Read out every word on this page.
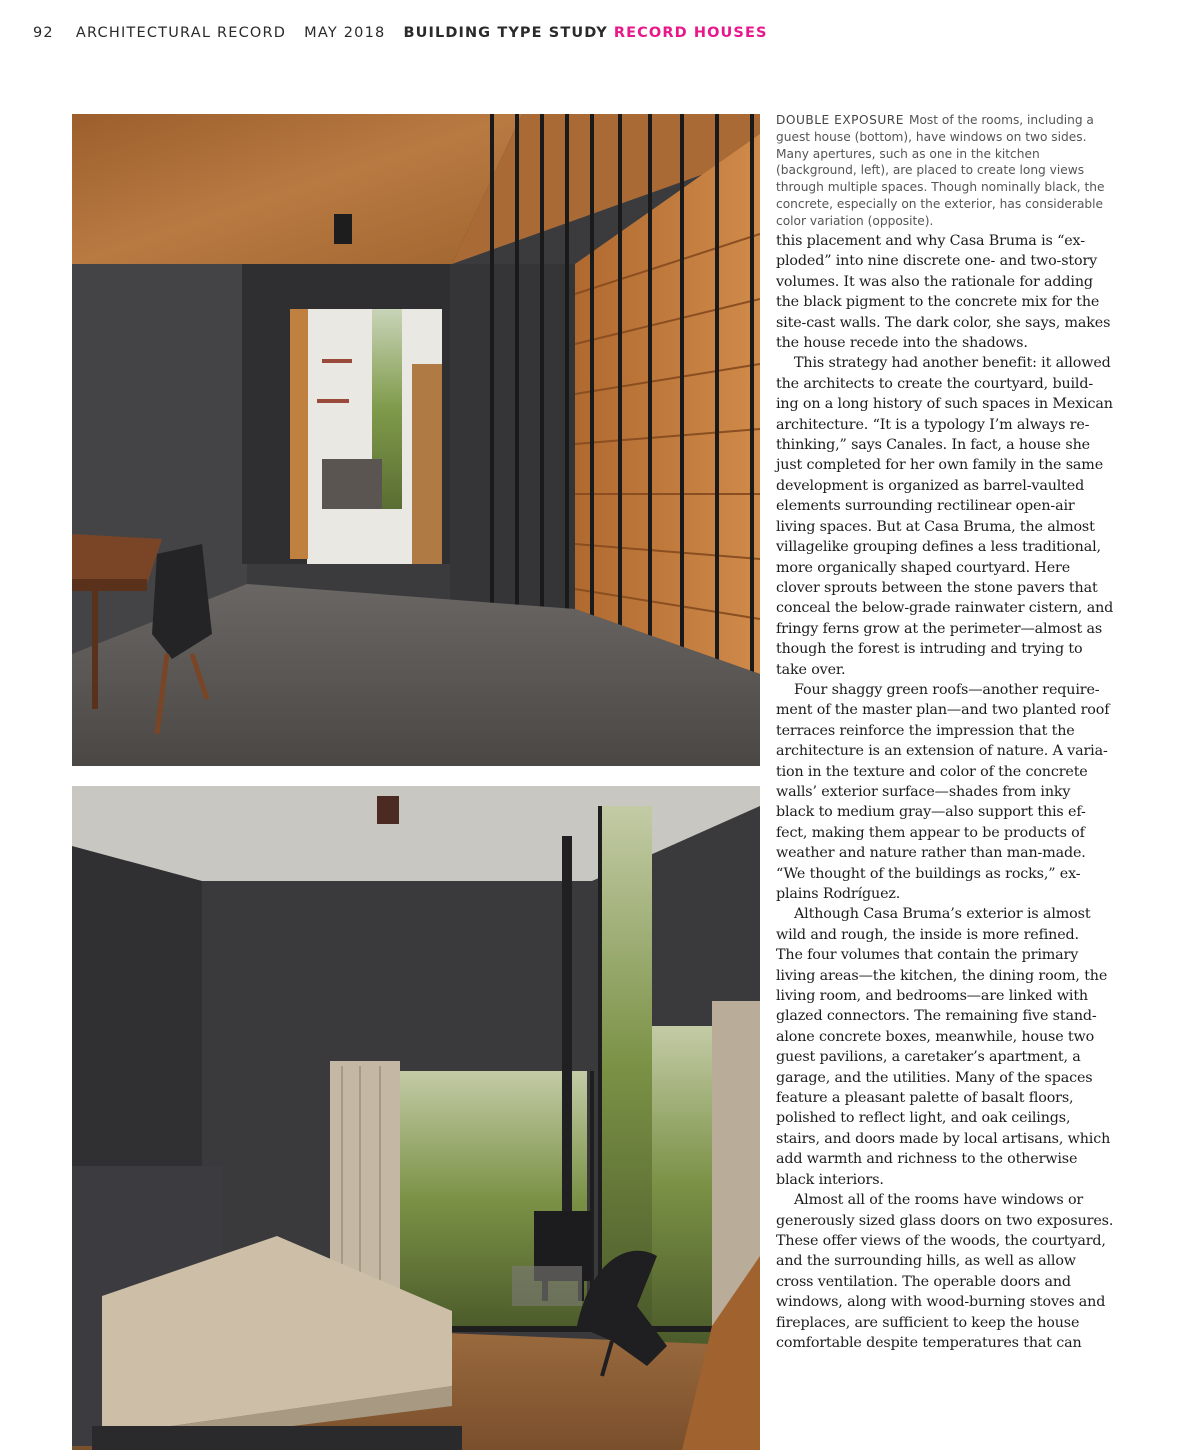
92 ARCHITECTURAL RECORD MAY 2018 BUILDING TYPE STUDY RECORD HOUSES
DOUBLE EXPOSURE Most of the rooms, including a guest house (bottom), have windows on two sides. Many apertures, such as one in the kitchen (background, left), are placed to create long views through multiple spaces. Though nominally black, the concrete, especially on the exterior, has considerable color variation (opposite).
this placement and why Casa Bruma is “ex-
ploded” into nine discrete one- and two-story
volumes. It was also the rationale for adding
the black pigment to the concrete mix for the
site-cast walls. The dark color, she says, makes
the house recede into the shadows.
This strategy had another benefit: it allowed
the architects to create the courtyard, build-
ing on a long history of such spaces in Mexican
architecture. “It is a typology I’m always re-
thinking,” says Canales. In fact, a house she
just completed for her own family in the same
development is organized as barrel-vaulted
elements surrounding rectilinear open-air
living spaces. But at Casa Bruma, the almost
villagelike grouping defines a less traditional,
more organically shaped courtyard. Here
clover sprouts between the stone pavers that
conceal the below-grade rainwater cistern, and
fringy ferns grow at the perimeter—almost as
though the forest is intruding and trying to
take over.
Four shaggy green roofs—another require-
ment of the master plan—and two planted roof
terraces reinforce the impression that the
architecture is an extension of nature. A varia-
tion in the texture and color of the concrete
walls’ exterior surface—shades from inky
black to medium gray—also support this ef-
fect, making them appear to be products of
weather and nature rather than man-made.
“We thought of the buildings as rocks,” ex-
plains Rodríguez.
Although Casa Bruma’s exterior is almost
wild and rough, the inside is more refined.
The four volumes that contain the primary
living areas—the kitchen, the dining room, the
living room, and bedrooms—are linked with
glazed connectors. The remaining five stand-
alone concrete boxes, meanwhile, house two
guest pavilions, a caretaker’s apartment, a
garage, and the utilities. Many of the spaces
feature a pleasant palette of basalt floors,
polished to reflect light, and oak ceilings,
stairs, and doors made by local artisans, which
add warmth and richness to the otherwise
black interiors.
Almost all of the rooms have windows or
generously sized glass doors on two exposures.
These offer views of the woods, the courtyard,
and the surrounding hills, as well as allow
cross ventilation. The operable doors and
windows, along with wood-burning stoves and
fireplaces, are sufficient to keep the house
comfortable despite temperatures that can
